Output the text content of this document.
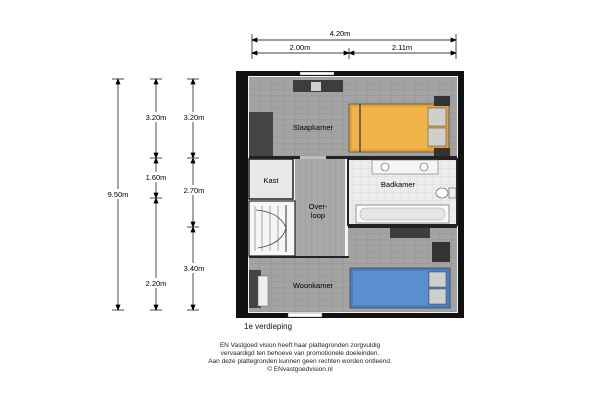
4.20m
2.00m	2.11m
9.50m
3.20m
1.60m
2.20m
3.20m
2.70m
3.40m
Slaapkamer
Kast
Over-
loop
Badkamer
Woonkamer
1e verdieping
EN Vastgoed vision heeft haar plattegronden zorgvuldig
vervaardigd ten behoeve van promotionele doeleinden.
Aan deze plattegronden kunnen geen rechten worden ontleend.
© ENvastgoedvision.nl
